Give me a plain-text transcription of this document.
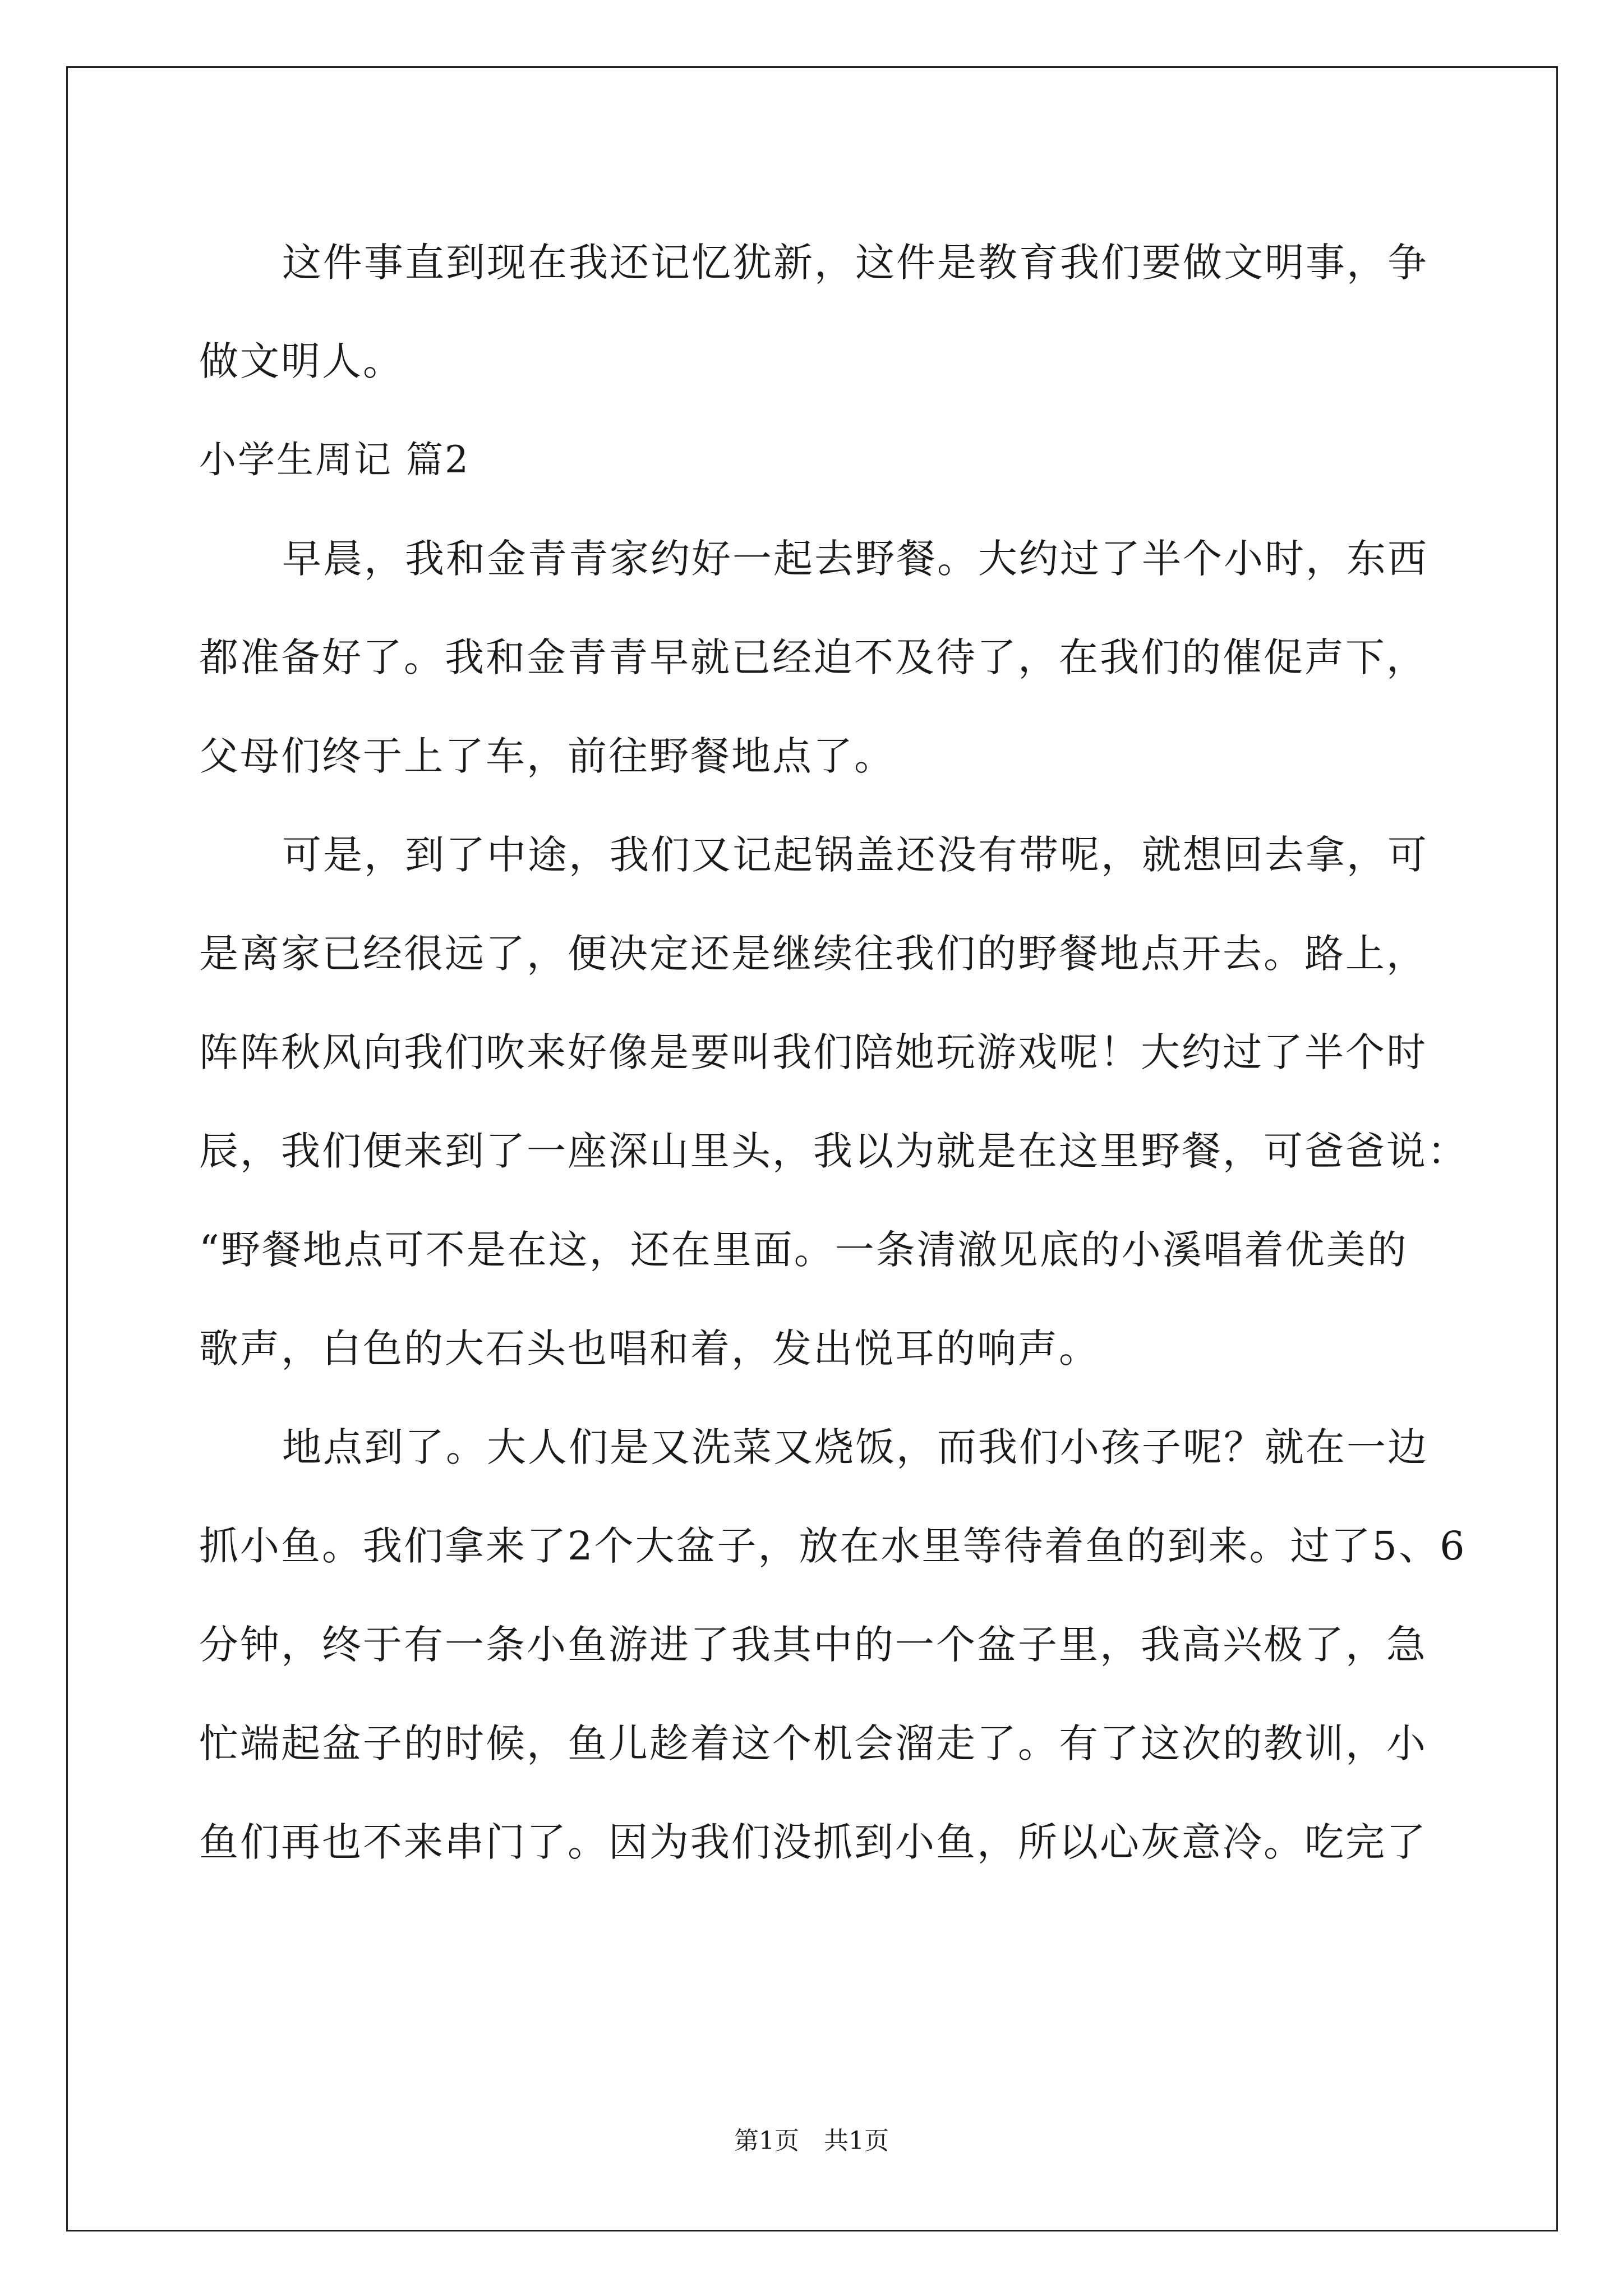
这件事直到现在我还记忆犹新，这件是教育我们要做文明事，争
做文明人。
小学生周记 篇2
早晨，我和金青青家约好一起去野餐。大约过了半个小时，东西
都准备好了。我和金青青早就已经迫不及待了，在我们的催促声下，
父母们终于上了车，前往野餐地点了。
可是，到了中途，我们又记起锅盖还没有带呢，就想回去拿，可
是离家已经很远了，便决定还是继续往我们的野餐地点开去。路上，
阵阵秋风向我们吹来好像是要叫我们陪她玩游戏呢！大约过了半个时
辰，我们便来到了一座深山里头，我以为就是在这里野餐，可爸爸说：
“野餐地点可不是在这，还在里面。一条清澈见底的小溪唱着优美的
歌声，白色的大石头也唱和着，发出悦耳的响声。
地点到了。大人们是又洗菜又烧饭，而我们小孩子呢？就在一边
抓小鱼。我们拿来了2个大盆子，放在水里等待着鱼的到来。过了5、6
分钟，终于有一条小鱼游进了我其中的一个盆子里，我高兴极了，急
忙端起盆子的时候，鱼儿趁着这个机会溜走了。有了这次的教训，小
鱼们再也不来串门了。因为我们没抓到小鱼，所以心灰意冷。吃完了
第1页　共1页
